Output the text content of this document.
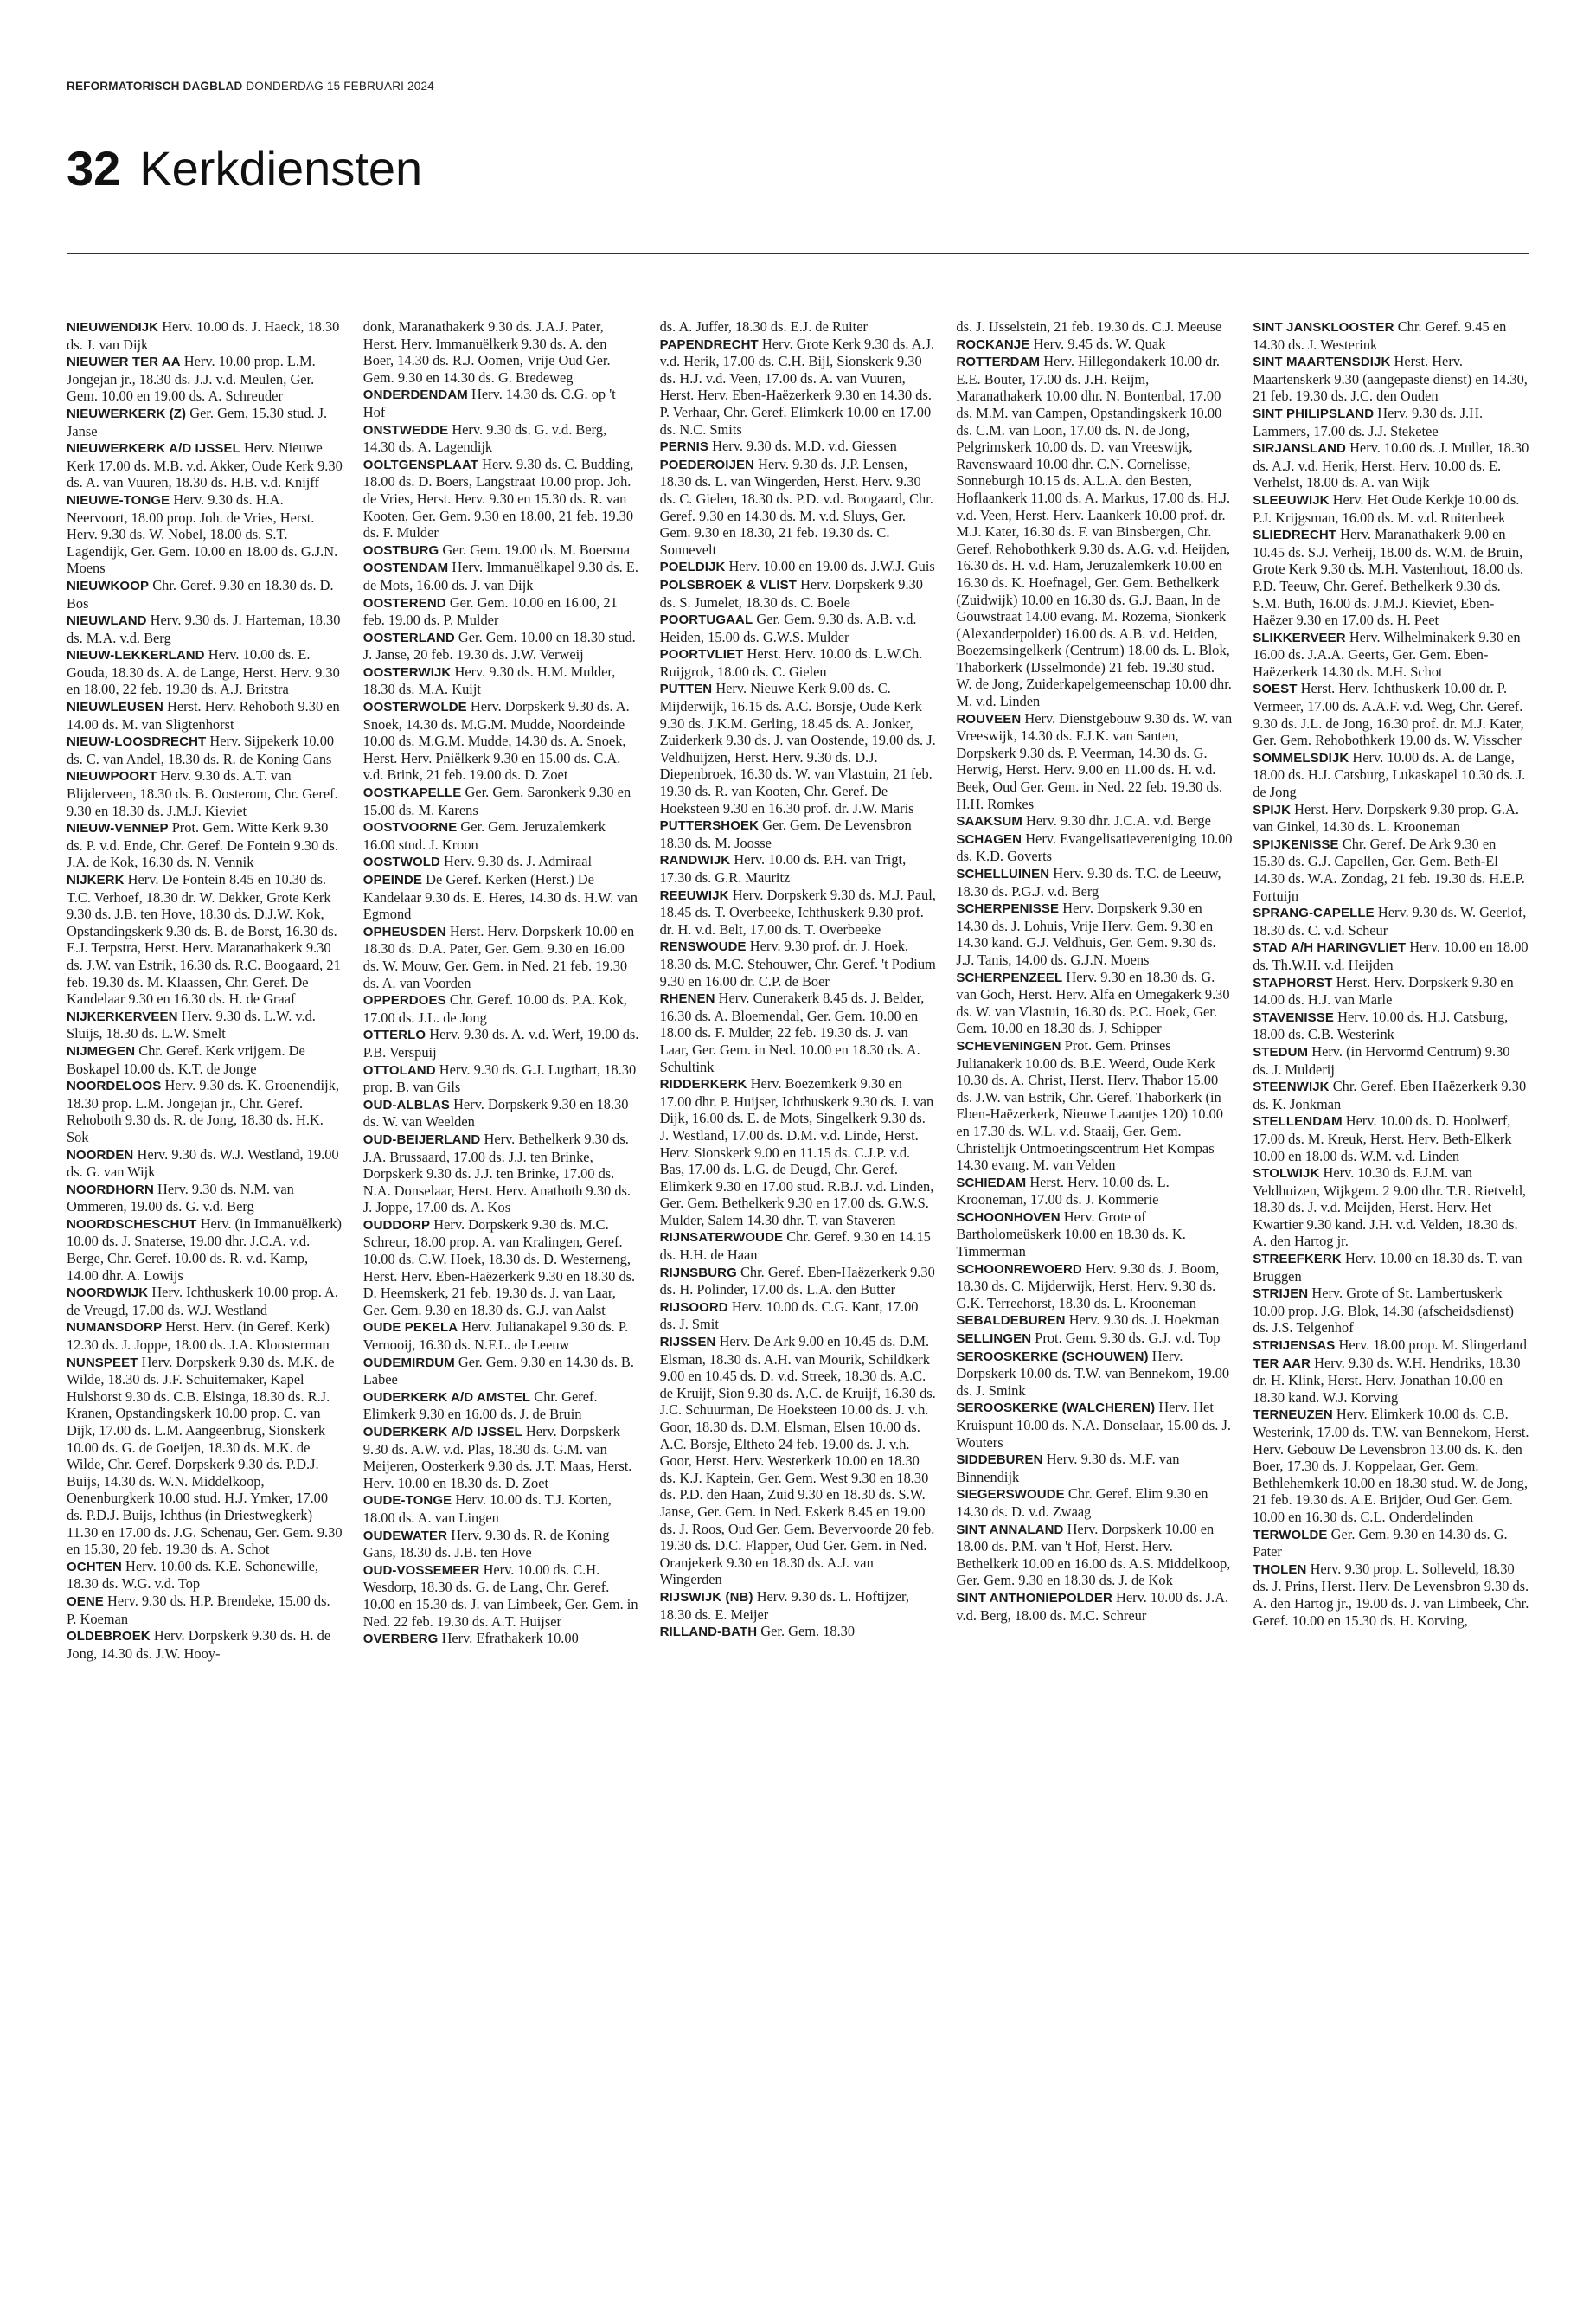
REFORMATORISCH DAGBLAD DONDERDAG 15 FEBRUARI 2024
32 Kerkdiensten

NIEUWENDIJK Herv. 10.00 ds. J. Haeck, 18.30 ds. J. van Dijk

NIEUWER TER AA Herv. 10.00 prop. L.M. Jongejan jr., 18.30 ds. J.J. v.d. Meulen, Ger. Gem. 10.00 en 19.00 ds. A. Schreuder

NIEUWERKERK (Z) Ger. Gem. 15.30 stud. J. Janse

NIEUWERKERK A/D IJSSEL Herv. Nieuwe Kerk 17.00 ds. M.B. v.d. Akker, Oude Kerk 9.30 ds. A. van Vuuren, 18.30 ds. H.B. v.d. Knijff

NIEUWE-TONGE Herv. 9.30 ds. H.A. Neervoort, 18.00 prop. Joh. de Vries, Herst. Herv. 9.30 ds. W. Nobel, 18.00 ds. S.T. Lagendijk, Ger. Gem. 10.00 en 18.00 ds. G.J.N. Moens

NIEUWKOOP Chr. Geref. 9.30 en 18.30 ds. D. Bos

NIEUWLAND Herv. 9.30 ds. J. Harteman, 18.30 ds. M.A. v.d. Berg

NIEUW-LEKKERLAND Herv. 10.00 ds. E. Gouda, 18.30 ds. A. de Lange, Herst. Herv. 9.30 en 18.00, 22 feb. 19.30 ds. A.J. Britstra

NIEUWLEUSEN Herst. Herv. Rehoboth 9.30 en 14.00 ds. M. van Sligtenhorst

NIEUW-LOOSDRECHT Herv. Sijpekerk 10.00 ds. C. van Andel, 18.30 ds. R. de Koning Gans

NIEUWPOORT Herv. 9.30 ds. A.T. van Blijderveen, 18.30 ds. B. Oosterom, Chr. Geref. 9.30 en 18.30 ds. J.M.J. Kieviet

NIEUW-VENNEP Prot. Gem. Witte Kerk 9.30 ds. P. v.d. Ende, Chr. Geref. De Fontein 9.30 ds. J.A. de Kok, 16.30 ds. N. Vennik

NIJKERK Herv. De Fontein 8.45 en 10.30 ds. T.C. Verhoef, 18.30 dr. W. Dekker, Grote Kerk 9.30 ds. J.B. ten Hove, 18.30 ds. D.J.W. Kok, Opstandingskerk 9.30 ds. B. de Borst, 16.30 ds. E.J. Terpstra, Herst. Herv. Maranathakerk 9.30 ds. J.W. van Estrik, 16.30 ds. R.C. Boogaard, 21 feb. 19.30 ds. M. Klaassen, Chr. Geref. De Kandelaar 9.30 en 16.30 ds. H. de Graaf

NIJKERKERVEEN Herv. 9.30 ds. L.W. v.d. Sluijs, 18.30 ds. L.W. Smelt

NIJMEGEN Chr. Geref. Kerk vrijgem. De Boskapel 10.00 ds. K.T. de Jonge

NOORDELOOS Herv. 9.30 ds. K. Groenendijk, 18.30 prop. L.M. Jongejan jr., Chr. Geref. Rehoboth 9.30 ds. R. de Jong, 18.30 ds. H.K. Sok

NOORDEN Herv. 9.30 ds. W.J. Westland, 19.00 ds. G. van Wijk

NOORDHORN Herv. 9.30 ds. N.M. van Ommeren, 19.00 ds. G. v.d. Berg

NOORDSCHESCHUT Herv. (in Immanuëlkerk) 10.00 ds. J. Snaterse, 19.00 dhr. J.C.A. v.d. Berge, Chr. Geref. 10.00 ds. R. v.d. Kamp, 14.00 dhr. A. Lowijs

NOORDWIJK Herv. Ichthuskerk 10.00 prop. A. de Vreugd, 17.00 ds. W.J. Westland

NUMANSDORP Herst. Herv. (in Geref. Kerk) 12.30 ds. J. Joppe, 18.00 ds. J.A. Kloosterman

NUNSPEET Herv. Dorpskerk 9.30 ds. M.K. de Wilde, 18.30 ds. J.F. Schuitemaker, Kapel Hulshorst 9.30 ds. C.B. Elsinga, 18.30 ds. R.J. Kranen, Opstandingskerk 10.00 prop. C. van Dijk, 17.00 ds. L.M. Aangeenbrug, Sionskerk 10.00 ds. G. de Goeijen, 18.30 ds. M.K. de Wilde, Chr. Geref. Dorpskerk 9.30 ds. P.D.J. Buijs, 14.30 ds. W.N. Middelkoop, Oenenburgkerk 10.00 stud. H.J. Ymker, 17.00 ds. P.D.J. Buijs, Ichthus (in Driestwegkerk) 11.30 en 17.00 ds. J.G. Schenau, Ger. Gem. 9.30 en 15.30, 20 feb. 19.30 ds. A. Schot

OCHTEN Herv. 10.00 ds. K.E. Schonewille, 18.30 ds. W.G. v.d. Top

OENE Herv. 9.30 ds. H.P. Brendeke, 15.00 ds. P. Koeman

OLDEBROEK Herv. Dorpskerk 9.30 ds. H. de Jong, 14.30 ds. J.W. Hooy-

donk, Maranathakerk 9.30 ds. J.A.J. Pater, Herst. Herv. Immanuëlkerk 9.30 ds. A. den Boer, 14.30 ds. R.J. Oomen, Vrije Oud Ger. Gem. 9.30 en 14.30 ds. G. Bredeweg

ONDERDENDAM Herv. 14.30 ds. C.G. op 't Hof

ONSTWEDDE Herv. 9.30 ds. G. v.d. Berg, 14.30 ds. A. Lagendijk

OOLTGENSPLAAT Herv. 9.30 ds. C. Budding, 18.00 ds. D. Boers, Langstraat 10.00 prop. Joh. de Vries, Herst. Herv. 9.30 en 15.30 ds. R. van Kooten, Ger. Gem. 9.30 en 18.00, 21 feb. 19.30 ds. F. Mulder

OOSTBURG Ger. Gem. 19.00 ds. M. Boersma

OOSTENDAM Herv. Immanuëlkapel 9.30 ds. E. de Mots, 16.00 ds. J. van Dijk

OOSTEREND Ger. Gem. 10.00 en 16.00, 21 feb. 19.00 ds. P. Mulder

OOSTERLAND Ger. Gem. 10.00 en 18.30 stud. J. Janse, 20 feb. 19.30 ds. J.W. Verweij

OOSTERWIJK Herv. 9.30 ds. H.M. Mulder, 18.30 ds. M.A. Kuijt

OOSTERWOLDE Herv. Dorpskerk 9.30 ds. A. Snoek, 14.30 ds. M.G.M. Mudde, Noordeinde 10.00 ds. M.G.M. Mudde, 14.30 ds. A. Snoek, Herst. Herv. Pniëlkerk 9.30 en 15.00 ds. C.A. v.d. Brink, 21 feb. 19.00 ds. D. Zoet

OOSTKAPELLE Ger. Gem. Saronkerk 9.30 en 15.00 ds. M. Karens

OOSTVOORNE Ger. Gem. Jeruzalemkerk 16.00 stud. J. Kroon

OOSTWOLD Herv. 9.30 ds. J. Admiraal

OPEINDE De Geref. Kerken (Herst.) De Kandelaar 9.30 ds. E. Heres, 14.30 ds. H.W. van Egmond

OPHEUSDEN Herst. Herv. Dorpskerk 10.00 en 18.30 ds. D.A. Pater, Ger. Gem. 9.30 en 16.00 ds. W. Mouw, Ger. Gem. in Ned. 21 feb. 19.30 ds. A. van Voorden

OPPERDOES Chr. Geref. 10.00 ds. P.A. Kok, 17.00 ds. J.L. de Jong

OTTERLO Herv. 9.30 ds. A. v.d. Werf, 19.00 ds. P.B. Verspuij

OTTOLAND Herv. 9.30 ds. G.J. Lugthart, 18.30 prop. B. van Gils

OUD-ALBLAS Herv. Dorpskerk 9.30 en 18.30 ds. W. van Weelden

OUD-BEIJERLAND Herv. Bethelkerk 9.30 ds. J.A. Brussaard, 17.00 ds. J.J. ten Brinke, Dorpskerk 9.30 ds. J.J. ten Brinke, 17.00 ds. N.A. Donselaar, Herst. Herv. Anathoth 9.30 ds. J. Joppe, 17.00 ds. A. Kos

OUDDORP Herv. Dorpskerk 9.30 ds. M.C. Schreur, 18.00 prop. A. van Kralingen, Geref. 10.00 ds. C.W. Hoek, 18.30 ds. D. Westerneng, Herst. Herv. Eben-Haëzerkerk 9.30 en 18.30 ds. D. Heemskerk, 21 feb. 19.30 ds. J. van Laar, Ger. Gem. 9.30 en 18.30 ds. G.J. van Aalst

OUDE PEKELA Herv. Julianakapel 9.30 ds. P. Vernooij, 16.30 ds. N.F.L. de Leeuw

OUDEMIRDUM Ger. Gem. 9.30 en 14.30 ds. B. Labee

OUDERKERK A/D AMSTEL Chr. Geref. Elimkerk 9.30 en 16.00 ds. J. de Bruin

OUDERKERK A/D IJSSEL Herv. Dorpskerk 9.30 ds. A.W. v.d. Plas, 18.30 ds. G.M. van Meijeren, Oosterkerk 9.30 ds. J.T. Maas, Herst. Herv. 10.00 en 18.30 ds. D. Zoet

OUDE-TONGE Herv. 10.00 ds. T.J. Korten, 18.00 ds. A. van Lingen

OUDEWATER Herv. 9.30 ds. R. de Koning Gans, 18.30 ds. J.B. ten Hove

OUD-VOSSEMEER Herv. 10.00 ds. C.H. Wesdorp, 18.30 ds. G. de Lang, Chr. Geref. 10.00 en 15.30 ds. J. van Limbeek, Ger. Gem. in Ned. 22 feb. 19.30 ds. A.T. Huijser

OVERBERG Herv. Efrathakerk 10.00

ds. A. Juffer, 18.30 ds. E.J. de Ruiter

PAPENDRECHT Herv. Grote Kerk 9.30 ds. A.J. v.d. Herik, 17.00 ds. C.H. Bijl, Sionskerk 9.30 ds. H.J. v.d. Veen, 17.00 ds. A. van Vuuren, Herst. Herv. Eben-Haëzerkerk 9.30 en 14.30 ds. P. Verhaar, Chr. Geref. Elimkerk 10.00 en 17.00 ds. N.C. Smits

PERNIS Herv. 9.30 ds. M.D. v.d. Giessen

POEDEROIJEN Herv. 9.30 ds. J.P. Lensen, 18.30 ds. L. van Wingerden, Herst. Herv. 9.30 ds. C. Gielen, 18.30 ds. P.D. v.d. Boogaard, Chr. Geref. 9.30 en 14.30 ds. M. v.d. Sluys, Ger. Gem. 9.30 en 18.30, 21 feb. 19.30 ds. C. Sonnevelt

POELDIJK Herv. 10.00 en 19.00 ds. J.W.J. Guis

POLSBROEK & VLIST Herv. Dorpskerk 9.30 ds. S. Jumelet, 18.30 ds. C. Boele

POORTUGAAL Ger. Gem. 9.30 ds. A.B. v.d. Heiden, 15.00 ds. G.W.S. Mulder

POORTVLIET Herst. Herv. 10.00 ds. L.W.Ch. Ruijgrok, 18.00 ds. C. Gielen

PUTTEN Herv. Nieuwe Kerk 9.00 ds. C. Mijderwijk, 16.15 ds. A.C. Borsje, Oude Kerk 9.30 ds. J.K.M. Gerling, 18.45 ds. A. Jonker, Zuiderkerk 9.30 ds. J. van Oostende, 19.00 ds. J. Veldhuijzen, Herst. Herv. 9.30 ds. D.J. Diepenbroek, 16.30 ds. W. van Vlastuin, 21 feb. 19.30 ds. R. van Kooten, Chr. Geref. De Hoeksteen 9.30 en 16.30 prof. dr. J.W. Maris

PUTTERSHOEK Ger. Gem. De Levensbron 18.30 ds. M. Joosse

RANDWIJK Herv. 10.00 ds. P.H. van Trigt, 17.30 ds. G.R. Mauritz

REEUWIJK Herv. Dorpskerk 9.30 ds. M.J. Paul, 18.45 ds. T. Overbeeke, Ichthuskerk 9.30 prof. dr. H. v.d. Belt, 17.00 ds. T. Overbeeke

RENSWOUDE Herv. 9.30 prof. dr. J. Hoek, 18.30 ds. M.C. Stehouwer, Chr. Geref. 't Podium 9.30 en 16.00 dr. C.P. de Boer

RHENEN Herv. Cunerakerk 8.45 ds. J. Belder, 16.30 ds. A. Bloemendal, Ger. Gem. 10.00 en 18.00 ds. F. Mulder, 22 feb. 19.30 ds. J. van Laar, Ger. Gem. in Ned. 10.00 en 18.30 ds. A. Schultink

RIDDERKERK Herv. Boezemkerk 9.30 en 17.00 dhr. P. Huijser, Ichthuskerk 9.30 ds. J. van Dijk, 16.00 ds. E. de Mots, Singelkerk 9.30 ds. J. Westland, 17.00 ds. D.M. v.d. Linde, Herst. Herv. Sionskerk 9.00 en 11.15 ds. C.J.P. v.d. Bas, 17.00 ds. L.G. de Deugd, Chr. Geref. Elimkerk 9.30 en 17.00 stud. R.B.J. v.d. Linden, Ger. Gem. Bethelkerk 9.30 en 17.00 ds. G.W.S. Mulder, Salem 14.30 dhr. T. van Staveren

RIJNSATERWOUDE Chr. Geref. 9.30 en 14.15 ds. H.H. de Haan

RIJNSBURG Chr. Geref. Eben-Haëzerkerk 9.30 ds. H. Polinder, 17.00 ds. L.A. den Butter

RIJSOORD Herv. 10.00 ds. C.G. Kant, 17.00 ds. J. Smit

RIJSSEN Herv. De Ark 9.00 en 10.45 ds. D.M. Elsman, 18.30 ds. A.H. van Mourik, Schildkerk 9.00 en 10.45 ds. D. v.d. Streek, 18.30 ds. A.C. de Kruijf, Sion 9.30 ds. A.C. de Kruijf, 16.30 ds. J.C. Schuurman, De Hoeksteen 10.00 ds. J. v.h. Goor, 18.30 ds. D.M. Elsman, Elsen 10.00 ds. A.C. Borsje, Eltheto 24 feb. 19.00 ds. J. v.h. Goor, Herst. Herv. Westerkerk 10.00 en 18.30 ds. K.J. Kaptein, Ger. Gem. West 9.30 en 18.30 ds. P.D. den Haan, Zuid 9.30 en 18.30 ds. S.W. Janse, Ger. Gem. in Ned. Eskerk 8.45 en 19.00 ds. J. Roos, Oud Ger. Gem. Bevervoorde 20 feb. 19.30 ds. D.C. Flapper, Oud Ger. Gem. in Ned. Oranjekerk 9.30 en 18.30 ds. A.J. van Wingerden

RIJSWIJK (NB) Herv. 9.30 ds. L. Hoftijzer, 18.30 ds. E. Meijer

RILLAND-BATH Ger. Gem. 18.30

ds. J. IJsselstein, 21 feb. 19.30 ds. C.J. Meeuse

ROCKANJE Herv. 9.45 ds. W. Quak

ROTTERDAM Herv. Hillegondakerk 10.00 dr. E.E. Bouter, 17.00 ds. J.H. Reijm, Maranathakerk 10.00 dhr. N. Bontenbal, 17.00 ds. M.M. van Campen, Opstandingskerk 10.00 ds. C.M. van Loon, 17.00 ds. N. de Jong, Pelgrimskerk 10.00 ds. D. van Vreeswijk, Ravenswaard 10.00 dhr. C.N. Cornelisse, Sonneburgh 10.15 ds. A.L.A. den Besten, Hoflaankerk 11.00 ds. A. Markus, 17.00 ds. H.J. v.d. Veen, Herst. Herv. Laankerk 10.00 prof. dr. M.J. Kater, 16.30 ds. F. van Binsbergen, Chr. Geref. Rehobothkerk 9.30 ds. A.G. v.d. Heijden, 16.30 ds. H. v.d. Ham, Jeruzalemkerk 10.00 en 16.30 ds. K. Hoefnagel, Ger. Gem. Bethelkerk (Zuidwijk) 10.00 en 16.30 ds. G.J. Baan, In de Gouwstraat 14.00 evang. M. Rozema, Sionkerk (Alexanderpolder) 16.00 ds. A.B. v.d. Heiden, Boezemsingelkerk (Centrum) 18.00 ds. L. Blok, Thaborkerk (IJsselmonde) 21 feb. 19.30 stud. W. de Jong, Zuiderkapelgemeenschap 10.00 dhr. M. v.d. Linden

ROUVEEN Herv. Dienstgebouw 9.30 ds. W. van Vreeswijk, 14.30 ds. F.J.K. van Santen, Dorpskerk 9.30 ds. P. Veerman, 14.30 ds. G. Herwig, Herst. Herv. 9.00 en 11.00 ds. H. v.d. Beek, Oud Ger. Gem. in Ned. 22 feb. 19.30 ds. H.H. Romkes

SAAKSUM Herv. 9.30 dhr. J.C.A. v.d. Berge

SCHAGEN Herv. Evangelisatievereniging 10.00 ds. K.D. Goverts

SCHELLUINEN Herv. 9.30 ds. T.C. de Leeuw, 18.30 ds. P.G.J. v.d. Berg

SCHERPENISSE Herv. Dorpskerk 9.30 en 14.30 ds. J. Lohuis, Vrije Herv. Gem. 9.30 en 14.30 kand. G.J. Veldhuis, Ger. Gem. 9.30 ds. J.J. Tanis, 14.00 ds. G.J.N. Moens

SCHERPENZEEL Herv. 9.30 en 18.30 ds. G. van Goch, Herst. Herv. Alfa en Omegakerk 9.30 ds. W. van Vlastuin, 16.30 ds. P.C. Hoek, Ger. Gem. 10.00 en 18.30 ds. J. Schipper

SCHEVENINGEN Prot. Gem. Prinses Julianakerk 10.00 ds. B.E. Weerd, Oude Kerk 10.30 ds. A. Christ, Herst. Herv. Thabor 15.00 ds. J.W. van Estrik, Chr. Geref. Thaborkerk (in Eben-Haëzerkerk, Nieuwe Laantjes 120) 10.00 en 17.30 ds. W.L. v.d. Staaij, Ger. Gem. Christelijk Ontmoetingscentrum Het Kompas 14.30 evang. M. van Velden

SCHIEDAM Herst. Herv. 10.00 ds. L. Krooneman, 17.00 ds. J. Kommerie

SCHOONHOVEN Herv. Grote of Bartholomeüskerk 10.00 en 18.30 ds. K. Timmerman

SCHOONREWOERD Herv. 9.30 ds. J. Boom, 18.30 ds. C. Mijderwijk, Herst. Herv. 9.30 ds. G.K. Terreehorst, 18.30 ds. L. Krooneman

SEBALDEBUREN Herv. 9.30 ds. J. Hoekman

SELLINGEN Prot. Gem. 9.30 ds. G.J. v.d. Top

SEROOSKERKE (SCHOUWEN) Herv. Dorpskerk 10.00 ds. T.W. van Bennekom, 19.00 ds. J. Smink

SEROOSKERKE (WALCHEREN) Herv. Het Kruispunt 10.00 ds. N.A. Donselaar, 15.00 ds. J. Wouters

SIDDEBUREN Herv. 9.30 ds. M.F. van Binnendijk

SIEGERSWOUDE Chr. Geref. Elim 9.30 en 14.30 ds. D. v.d. Zwaag

SINT ANNALAND Herv. Dorpskerk 10.00 en 18.00 ds. P.M. van 't Hof, Herst. Herv. Bethelkerk 10.00 en 16.00 ds. A.S. Middelkoop, Ger. Gem. 9.30 en 18.30 ds. J. de Kok

SINT ANTHONIEPOLDER Herv. 10.00 ds. J.A. v.d. Berg, 18.00 ds. M.C. Schreur

SINT JANSKLOOSTER Chr. Geref. 9.45 en 14.30 ds. J. Westerink

SINT MAARTENSDIJK Herst. Herv. Maartenskerk 9.30 (aangepaste dienst) en 14.30, 21 feb. 19.30 ds. J.C. den Ouden

SINT PHILIPSLAND Herv. 9.30 ds. J.H. Lammers, 17.00 ds. J.J. Steketee

SIRJANSLAND Herv. 10.00 ds. J. Muller, 18.30 ds. A.J. v.d. Herik, Herst. Herv. 10.00 ds. E. Verhelst, 18.00 ds. A. van Wijk

SLEEUWIJK Herv. Het Oude Kerkje 10.00 ds. P.J. Krijgsman, 16.00 ds. M. v.d. Ruitenbeek

SLIEDRECHT Herv. Maranathakerk 9.00 en 10.45 ds. S.J. Verheij, 18.00 ds. W.M. de Bruin, Grote Kerk 9.30 ds. M.H. Vastenhout, 18.00 ds. P.D. Teeuw, Chr. Geref. Bethelkerk 9.30 ds. S.M. Buth, 16.00 ds. J.M.J. Kieviet, Eben-Haëzer 9.30 en 17.00 ds. H. Peet

SLIKKERVEER Herv. Wilhelminakerk 9.30 en 16.00 ds. J.A.A. Geerts, Ger. Gem. Eben-Haëzerkerk 14.30 ds. M.H. Schot

SOEST Herst. Herv. Ichthuskerk 10.00 dr. P. Vermeer, 17.00 ds. A.A.F. v.d. Weg, Chr. Geref. 9.30 ds. J.L. de Jong, 16.30 prof. dr. M.J. Kater, Ger. Gem. Rehobothkerk 19.00 ds. W. Visscher

SOMMELSDIJK Herv. 10.00 ds. A. de Lange, 18.00 ds. H.J. Catsburg, Lukaskapel 10.30 ds. J. de Jong

SPIJK Herst. Herv. Dorpskerk 9.30 prop. G.A. van Ginkel, 14.30 ds. L. Krooneman

SPIJKENISSE Chr. Geref. De Ark 9.30 en 15.30 ds. G.J. Capellen, Ger. Gem. Beth-El 14.30 ds. W.A. Zondag, 21 feb. 19.30 ds. H.E.P. Fortuijn

SPRANG-CAPELLE Herv. 9.30 ds. W. Geerlof, 18.30 ds. C. v.d. Scheur

STAD A/H HARINGVLIET Herv. 10.00 en 18.00 ds. Th.W.H. v.d. Heijden

STAPHORST Herst. Herv. Dorpskerk 9.30 en 14.00 ds. H.J. van Marle

STAVENISSE Herv. 10.00 ds. H.J. Catsburg, 18.00 ds. C.B. Westerink

STEDUM Herv. (in Hervormd Centrum) 9.30 ds. J. Mulderij

STEENWIJK Chr. Geref. Eben Haëzerkerk 9.30 ds. K. Jonkman

STELLENDAM Herv. 10.00 ds. D. Hoolwerf, 17.00 ds. M. Kreuk, Herst. Herv. Beth-Elkerk 10.00 en 18.00 ds. W.M. v.d. Linden

STOLWIJK Herv. 10.30 ds. F.J.M. van Veldhuizen, Wijkgem. 2 9.00 dhr. T.R. Rietveld, 18.30 ds. J. v.d. Meijden, Herst. Herv. Het Kwartier 9.30 kand. J.H. v.d. Velden, 18.30 ds. A. den Hartog jr.

STREEFKERK Herv. 10.00 en 18.30 ds. T. van Bruggen

STRIJEN Herv. Grote of St. Lambertuskerk 10.00 prop. J.G. Blok, 14.30 (afscheidsdienst) ds. J.S. Telgenhof

STRIJENSAS Herv. 18.00 prop. M. Slingerland

TER AAR Herv. 9.30 ds. W.H. Hendriks, 18.30 dr. H. Klink, Herst. Herv. Jonathan 10.00 en 18.30 kand. W.J. Korving

TERNEUZEN Herv. Elimkerk 10.00 ds. C.B. Westerink, 17.00 ds. T.W. van Bennekom, Herst. Herv. Gebouw De Levensbron 13.00 ds. K. den Boer, 17.30 ds. J. Koppelaar, Ger. Gem. Bethlehemkerk 10.00 en 18.30 stud. W. de Jong, 21 feb. 19.30 ds. A.E. Brijder, Oud Ger. Gem. 10.00 en 16.30 ds. C.L. Onderdelinden

TERWOLDE Ger. Gem. 9.30 en 14.30 ds. G. Pater

THOLEN Herv. 9.30 prop. L. Solleveld, 18.30 ds. J. Prins, Herst. Herv. De Levensbron 9.30 ds. A. den Hartog jr., 19.00 ds. J. van Limbeek, Chr. Geref. 10.00 en 15.30 ds. H. Korving,
